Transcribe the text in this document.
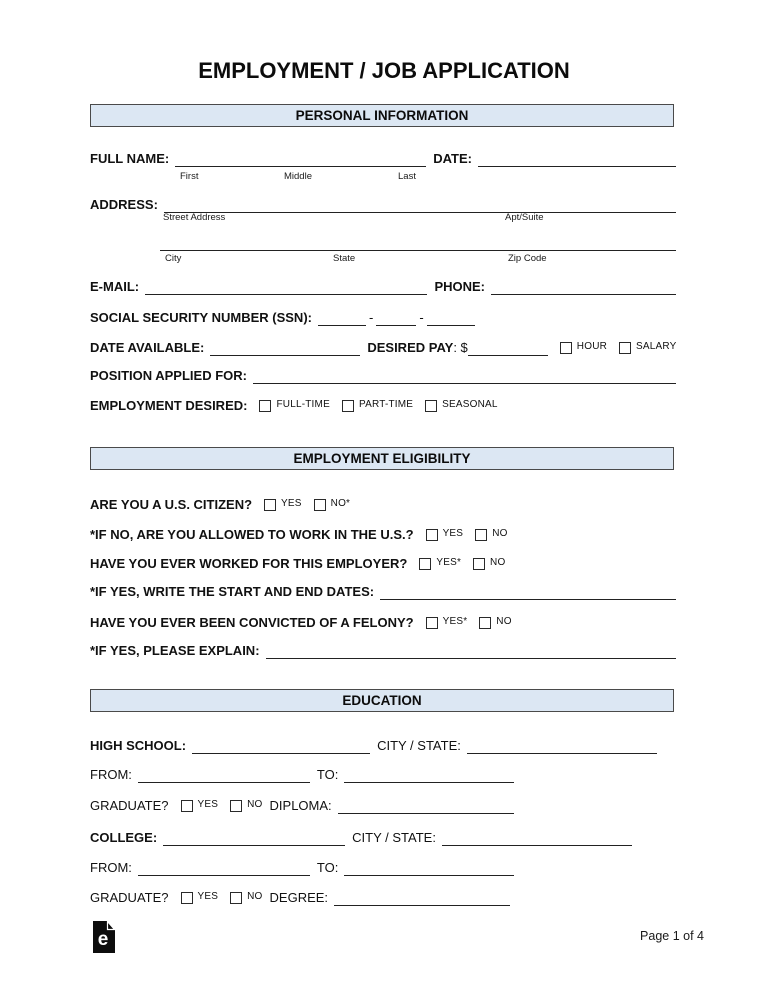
EMPLOYMENT / JOB APPLICATION
PERSONAL INFORMATION
FULL NAME:	DATE:
First	Middle	Last
ADDRESS:
Street Address	Apt/Suite
City	State	Zip Code
E-MAIL:	PHONE:
SOCIAL SECURITY NUMBER (SSN):	-	-
DATE AVAILABLE:	DESIRED PAY : $	HOUR	SALARY
POSITION APPLIED FOR:
EMPLOYMENT DESIRED:	FULL-TIME	PART-TIME	SEASONAL
EMPLOYMENT ELIGIBILITY
ARE YOU A U.S. CITIZEN?	YES	NO*
*IF NO, ARE YOU ALLOWED TO WORK IN THE U.S.?	YES	NO
HAVE YOU EVER WORKED FOR THIS EMPLOYER?	YES*	NO
*IF YES, WRITE THE START AND END DATES:
HAVE YOU EVER BEEN CONVICTED OF A FELONY?	YES*	NO
*IF YES, PLEASE EXPLAIN:
EDUCATION
HIGH SCHOOL:	CITY / STATE:
FROM:	TO:
GRADUATE?	YES	NO DIPLOMA:
COLLEGE:	CITY / STATE:
FROM:	TO:
GRADUATE?	YES	NO DEGREE:
e	Page 1 of 4
